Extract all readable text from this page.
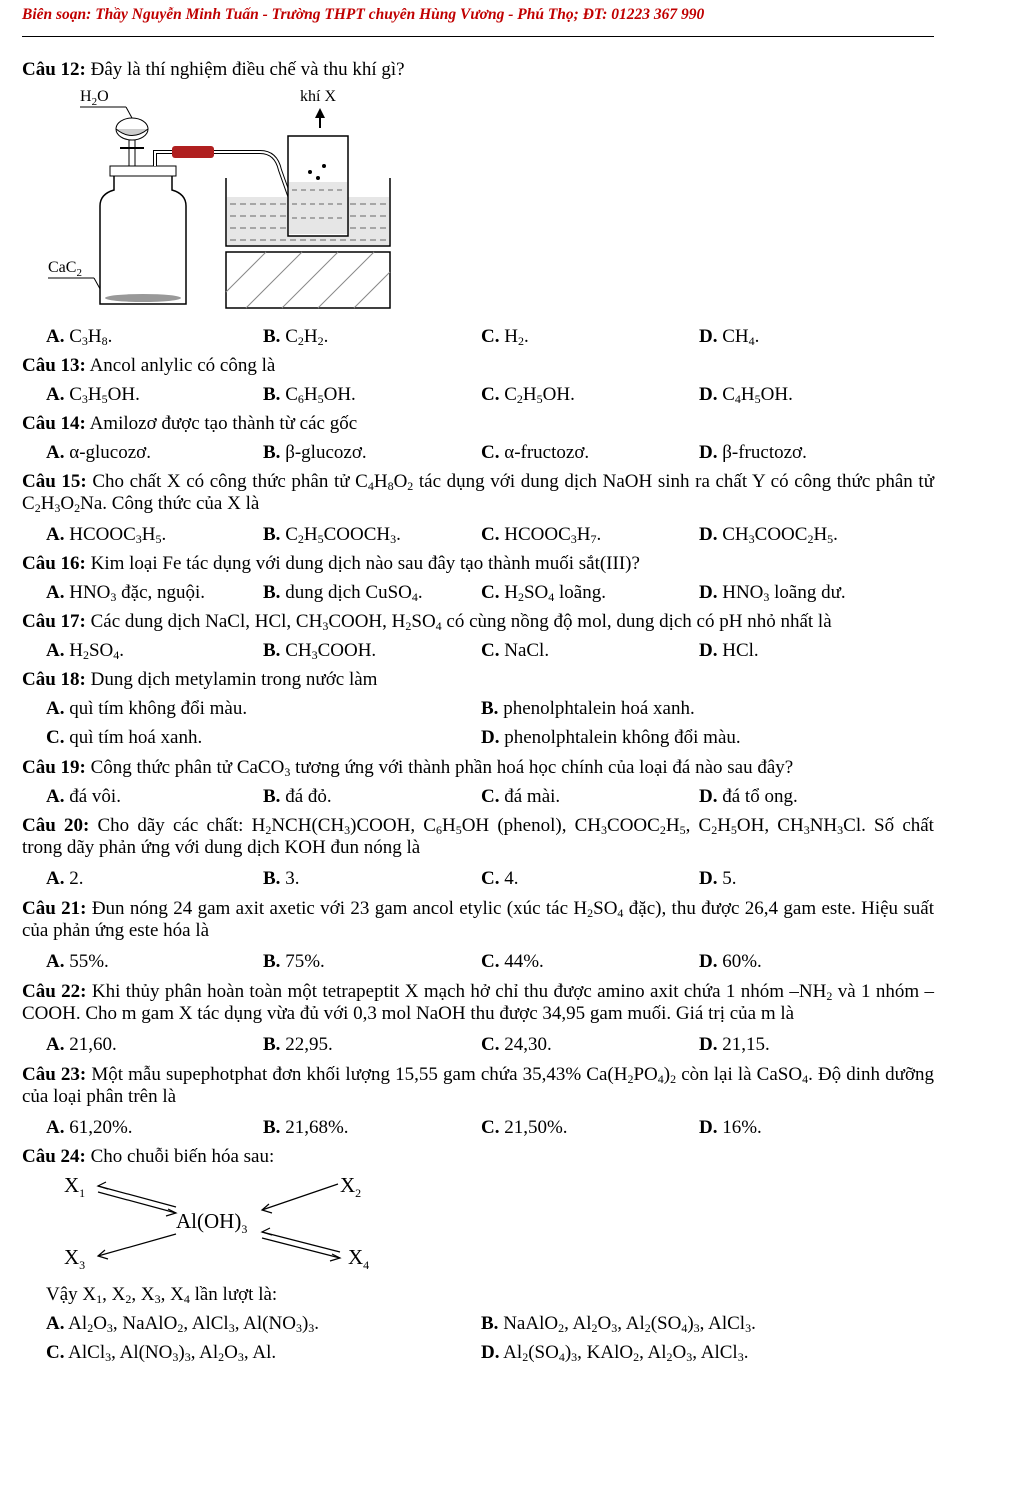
Biên soạn: Thầy Nguyễn Minh Tuấn - Trường THPT chuyên Hùng Vương - Phú Thọ; ĐT: 01223 367 990
Câu 12: Đây là thí nghiệm điều chế và thu khí gì?
$H_2O$	khí X
CaC$_2$
A. $C_3H_8$.	B. $C_2H_2$.	C. $H_2$.	D. $CH_4$.
Câu 13: Ancol anlylic có công là
A. $C_3H_5OH$.	B. $C_6H_5OH$.	C. $C_2H_5OH$.	D. $C_4H_5OH$.
Câu 14: Amilozơ được tạo thành từ các gốc
A. α-glucozơ.	B. β-glucozơ.	C. α-fructozơ.	D. β-fructozơ.
Câu 15: Cho chất X có công thức phân tử $C_4H_8O_2$ tác dụng với dung dịch NaOH sinh ra chất Y có công thức phân tử $C_2H_3O_2Na$. Công thức của X là
A. $HCOOC_3H_5$.	B. $C_2H_5COOCH_3$.	C. $HCOOC_3H_7$.	D. $CH_3COOC_2H_5$.
Câu 16: Kim loại Fe tác dụng với dung dịch nào sau đây tạo thành muối sắt(III)?
A. $HNO_3$ đặc, nguội.	B. dung dịch CuSO$_4$.	C. $H_2SO_4$ loãng.	D. $HNO_3$ loãng dư.
Câu 17: Các dung dịch NaCl, HCl, $CH_3COOH$, $H_2SO_4$ có cùng nồng độ mol, dung dịch có pH nhỏ nhất là
A. $H_2SO_4$.	B. $CH_3COOH$.	C. NaCl.	D. HCl.
Câu 18: Dung dịch metylamin trong nước làm
A. quì tím không đổi màu.	B. phenolphtalein hoá xanh.
C. quì tím hoá xanh.	D. phenolphtalein không đổi màu.
Câu 19: Công thức phân tử CaCO$_3$ tương ứng với thành phần hoá học chính của loại đá nào sau đây?
A. đá vôi.	B. đá đỏ.	C. đá mài.	D. đá tổ ong.
Câu 20: Cho dãy các chất: $H_2NCH(CH_3)COOH$, $C_6H_5OH$ (phenol), $CH_3COOC_2H_5$, $C_2H_5OH$, $CH_3NH_3Cl$. Số chất trong dãy phản ứng với dung dịch KOH đun nóng là
A. 2.	B. 3.	C. 4.	D. 5.
Câu 21: Đun nóng 24 gam axit axetic với 23 gam ancol etylic (xúc tác $H_2SO_4$ đặc), thu được 26,4 gam este. Hiệu suất của phản ứng este hóa là
A. 55%.	B. 75%.	C. 44%.	D. 60%.
Câu 22: Khi thủy phân hoàn toàn một tetrapeptit X mạch hở chỉ thu được amino axit chứa 1 nhóm $-NH_2$ và 1 nhóm –COOH. Cho m gam X tác dụng vừa đủ với 0,3 mol NaOH thu được 34,95 gam muối. Giá trị của m là
A. 21,60.	B. 22,95.	C. 24,30.	D. 21,15.
Câu 23: Một mẫu supephotphat đơn khối lượng 15,55 gam chứa 35,43% $Ca(H_2PO_4)_2$ còn lại là CaSO$_4$. Độ dinh dưỡng của loại phân trên là
A. 61,20%.	B. 21,68%.	C. 21,50%.	D. 16%.
Câu 24: Cho chuỗi biến hóa sau:
$X_1$	$X_2$
$X_3$	$X_4$
$Al(OH)_3$
Vậy $X_1$, $X_2$, $X_3$, $X_4$ lần lượt là:
A. $Al_2O_3$, NaAlO$_2$, AlCl$_3$, $Al(NO_3)_3$.	B. NaAlO$_2$, $Al_2O_3$, $Al_2(SO_4)_3$, AlCl$_3$.
C. AlCl$_3$, $Al(NO_3)_3$, $Al_2O_3$, Al.	D. $Al_2(SO_4)_3$, KAlO$_2$, $Al_2O_3$, AlCl$_3$.
